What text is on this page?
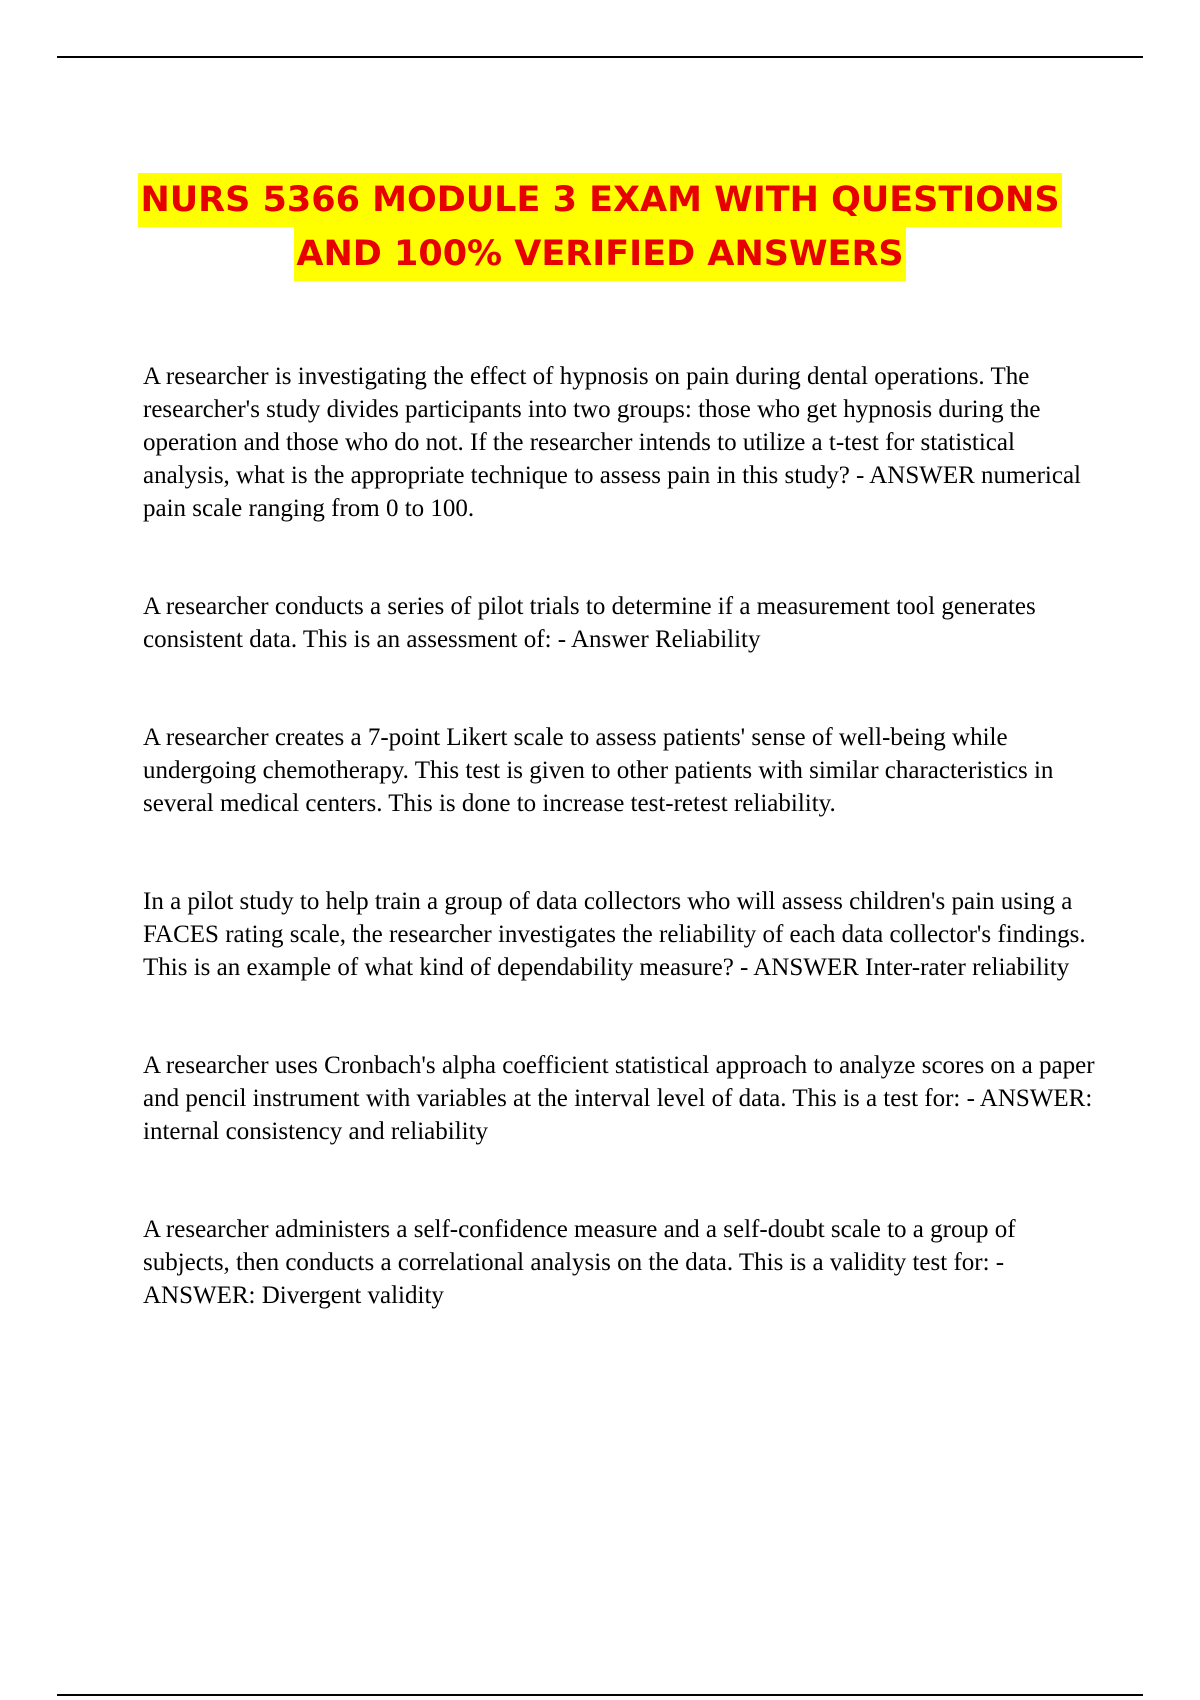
NURS 5366 MODULE 3 EXAM WITH QUESTIONS
AND 100% VERIFIED ANSWERS

A researcher is investigating the effect of hypnosis on pain during dental operations. The researcher's study divides participants into two groups: those who get hypnosis during the operation and those who do not. If the researcher intends to utilize a t-test for statistical analysis, what is the appropriate technique to assess pain in this study? - ANSWER numerical pain scale ranging from 0 to 100.

A researcher conducts a series of pilot trials to determine if a measurement tool generates consistent data. This is an assessment of: - Answer Reliability

A researcher creates a 7-point Likert scale to assess patients' sense of well-being while undergoing chemotherapy. This test is given to other patients with similar characteristics in several medical centers. This is done to increase test-retest reliability.

In a pilot study to help train a group of data collectors who will assess children's pain using a FACES rating scale, the researcher investigates the reliability of each data collector's findings. This is an example of what kind of dependability measure? - ANSWER Inter-rater reliability

A researcher uses Cronbach's alpha coefficient statistical approach to analyze scores on a paper and pencil instrument with variables at the interval level of data. This is a test for: - ANSWER: internal consistency and reliability

A researcher administers a self-confidence measure and a self-doubt scale to a group of subjects, then conducts a correlational analysis on the data. This is a validity test for: - ANSWER: Divergent validity
